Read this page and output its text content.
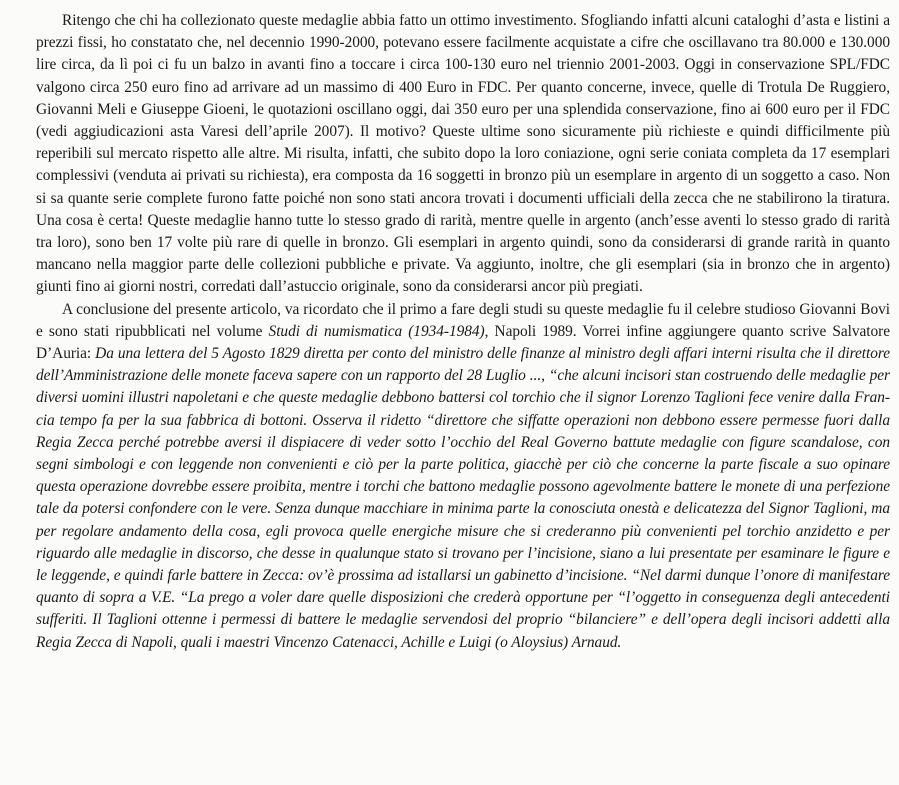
Ritengo che chi ha collezionato queste medaglie abbia fatto un ottimo investimento. Sfogliando infatti alcuni cataloghi d’asta e listini a prezzi fissi, ho constatato che, nel decennio 1990-2000, potevano essere facilmente acquistate a cifre che oscillavano tra 80.000 e 130.000 lire circa, da lì poi ci fu un balzo in avanti fino a toccare i circa 100-130 euro nel triennio 2001-2003. Oggi in conservazione SPL/FDC valgono circa 250 euro fino ad arrivare ad un massimo di 400 Euro in FDC. Per quanto concerne, invece, quelle di Trotula De Ruggiero, Giovanni Meli e Giuseppe Gioeni, le quotazioni oscillano oggi, dai 350 euro per una splendida conservazione, fino ai 600 euro per il FDC (vedi aggiudicazioni asta Varesi dell’aprile 2007). Il motivo? Queste ultime sono sicuramente più richieste e quindi difficilmente più reperibili sul mercato rispetto alle altre. Mi risulta, infatti, che subito dopo la loro coniazione, ogni serie coniata completa da 17 esemplari complessivi (venduta ai privati su richiesta), era composta da 16 soggetti in bronzo più un esemplare in argento di un soggetto a caso. Non si sa quante serie complete furono fatte poiché non sono stati ancora trovati i documenti ufficiali della zecca che ne stabilirono la tiratura. Una cosa è certa! Queste medaglie hanno tutte lo stesso grado di rarità, mentre quelle in argento (anch’esse aventi lo stesso grado di rarità tra loro), sono ben 17 volte più rare di quelle in bronzo. Gli esemplari in argento quindi, sono da considerarsi di grande rarità in quanto mancano nella maggior parte delle collezioni pubbliche e private. Va aggiunto, inoltre, che gli esemplari (sia in bronzo che in argento) giunti fino ai giorni nostri, corredati dall’astuccio originale, sono da considerarsi ancor più pregiati.

A conclusione del presente articolo, va ricordato che il primo a fare degli studi su queste medaglie fu il celebre studioso Giovanni Bovi e sono stati ripubblicati nel volume Studi di numismatica (1934-1984), Napoli 1989. Vorrei infine aggiungere quanto scrive Salvatore D’Auria: Da una lettera del 5 Agosto 1829 diretta per conto del ministro delle finanze al ministro degli affari interni risulta che il direttore dell’Amministrazione delle monete faceva sapere con un rapporto del 28 Luglio ..., “che alcuni incisori stan costruendo delle medaglie per diversi uomini illustri napoletani e che queste medaglie debbono battersi col torchio che il signor Lorenzo Taglioni fece venire dalla Francia tempo fa per la sua fabbrica di bottoni. Osserva il ridetto “direttore che siffatte operazioni non debbono essere permesse fuori dalla Regia Zecca perché potrebbe aversi il dispiacere di veder sotto l’occhio del Real Governo battute medaglie con figure scandalose, con segni simbologi e con leggende non convenienti e ciò per la parte politica, giacchè per ciò che concerne la parte fiscale a suo opinare questa operazione dovrebbe essere proibita, mentre i torchi che battono medaglie possono agevolmente battere le monete di una perfezione tale da potersi confondere con le vere. Senza dunque macchiare in minima parte la conosciuta onestà e delicatezza del Signor Taglioni, ma per regolare andamento della cosa, egli provoca quelle energiche misure che si crederanno più convenienti pel torchio anzidetto e per riguardo alle medaglie in discorso, che desse in qualunque stato si trovano per l’incisione, siano a lui presentate per esaminare le figure e le leggende, e quindi farle battere in Zecca: ov’è prossima ad istallarsi un gabinetto d’incisione. “Nel darmi dunque l’onore di manifestare quanto di sopra a V.E. “La prego a voler dare quelle disposizioni che crederà opportune per “l’oggetto in conseguenza degli antecedenti sufferiti. Il Taglioni ottenne i permessi di battere le medaglie servendosi del proprio “bilanciere” e dell’opera degli incisori addetti alla Regia Zecca di Napoli, quali i maestri Vincenzo Catenacci, Achille e Luigi (o Aloysius) Arnaud.
